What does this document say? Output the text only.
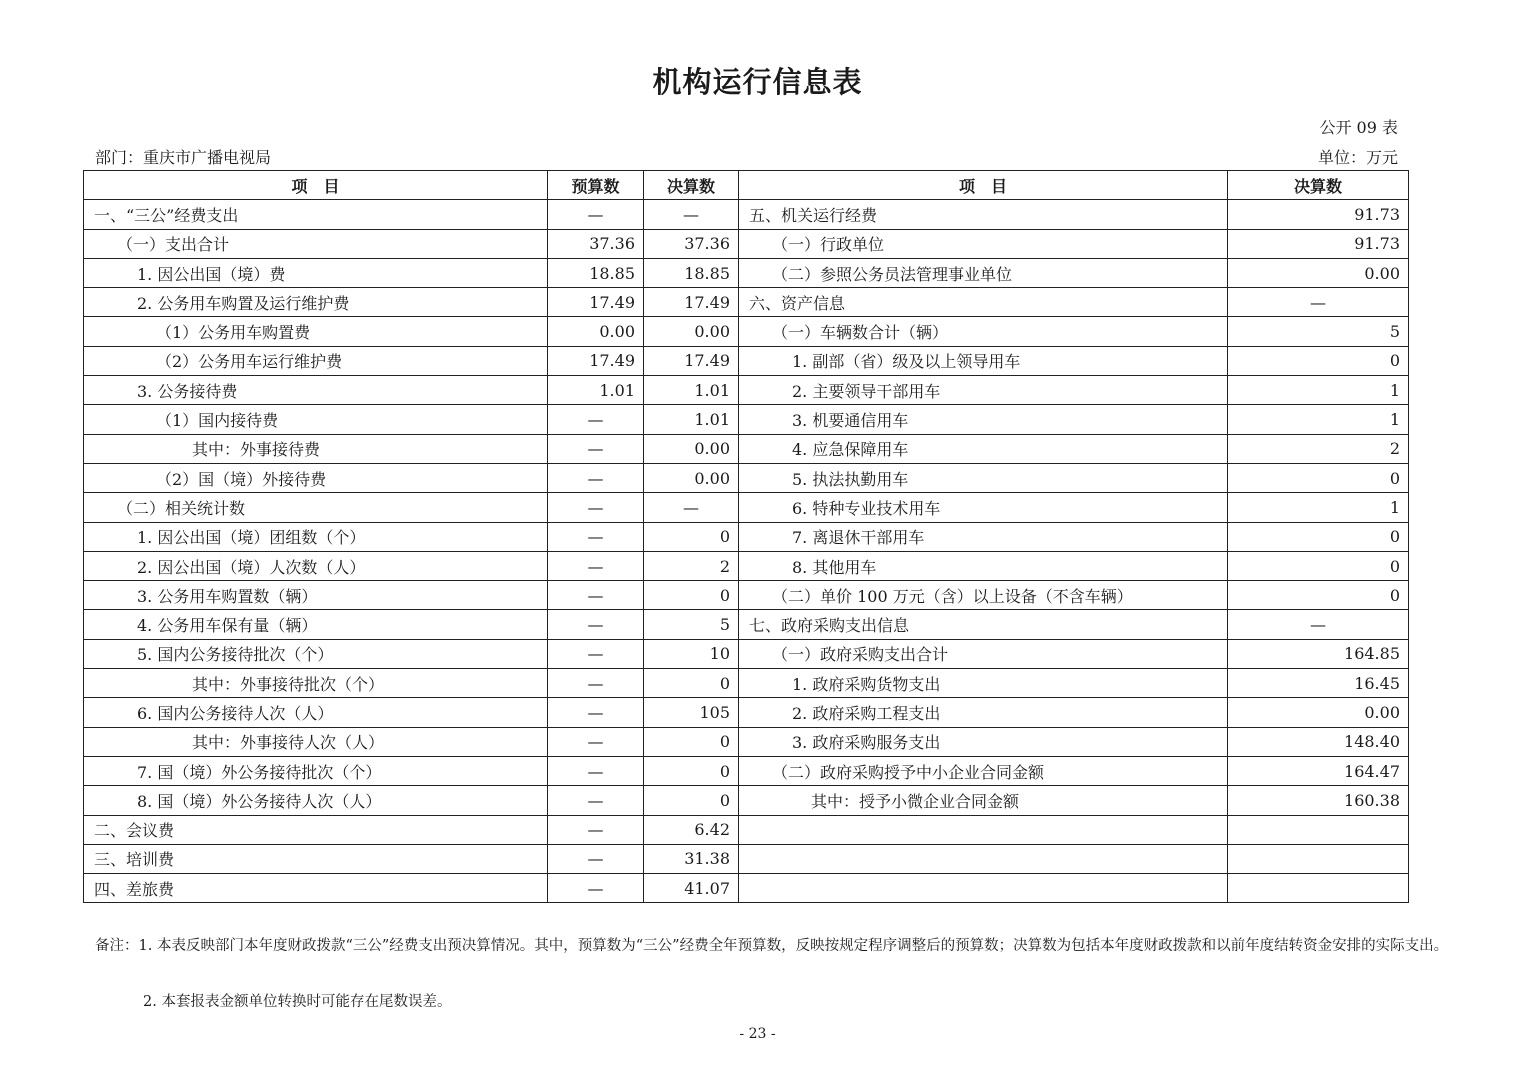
机构运行信息表
公开 09 表
部门：重庆市广播电视局	单位：万元
项　目	预算数	决算数	项　目	决算数
一、“三公”经费支出	—	—	五、机关运行经费	91.73
（一）支出合计	37.36	37.36	（一）行政单位	91.73
1. 因公出国（境）费	18.85	18.85	（二）参照公务员法管理事业单位	0.00
2. 公务用车购置及运行维护费	17.49	17.49	六、资产信息	—
（1）公务用车购置费	0.00	0.00	（一）车辆数合计（辆）	5
（2）公务用车运行维护费	17.49	17.49	1. 副部（省）级及以上领导用车	0
3. 公务接待费	1.01	1.01	2. 主要领导干部用车	1
（1）国内接待费	—	1.01	3. 机要通信用车	1
其中：外事接待费	—	0.00	4. 应急保障用车	2
（2）国（境）外接待费	—	0.00	5. 执法执勤用车	0
（二）相关统计数	—	—	6. 特种专业技术用车	1
1. 因公出国（境）团组数（个）	—	0	7. 离退休干部用车	0
2. 因公出国（境）人次数（人）	—	2	8. 其他用车	0
3. 公务用车购置数（辆）	—	0	（二）单价 100 万元（含）以上设备（不含车辆）	0
4. 公务用车保有量（辆）	—	5	七、政府采购支出信息	—
5. 国内公务接待批次（个）	—	10	（一）政府采购支出合计	164.85
其中：外事接待批次（个）	—	0	1. 政府采购货物支出	16.45
6. 国内公务接待人次（人）	—	105	2. 政府采购工程支出	0.00
其中：外事接待人次（人）	—	0	3. 政府采购服务支出	148.40
7. 国（境）外公务接待批次（个）	—	0	（二）政府采购授予中小企业合同金额	164.47
8. 国（境）外公务接待人次（人）	—	0	其中：授予小微企业合同金额	160.38
二、会议费	—	6.42		
三、培训费	—	31.38		
四、差旅费	—	41.07		
备注：1. 本表反映部门本年度财政拨款“三公”经费支出预决算情况。其中，预算数为“三公”经费全年预算数，反映按规定程序调整后的预算数；决算数为包括本年度财政拨款和以前年度结转资金安排的实际支出。
2. 本套报表金额单位转换时可能存在尾数误差。
- 23 -
